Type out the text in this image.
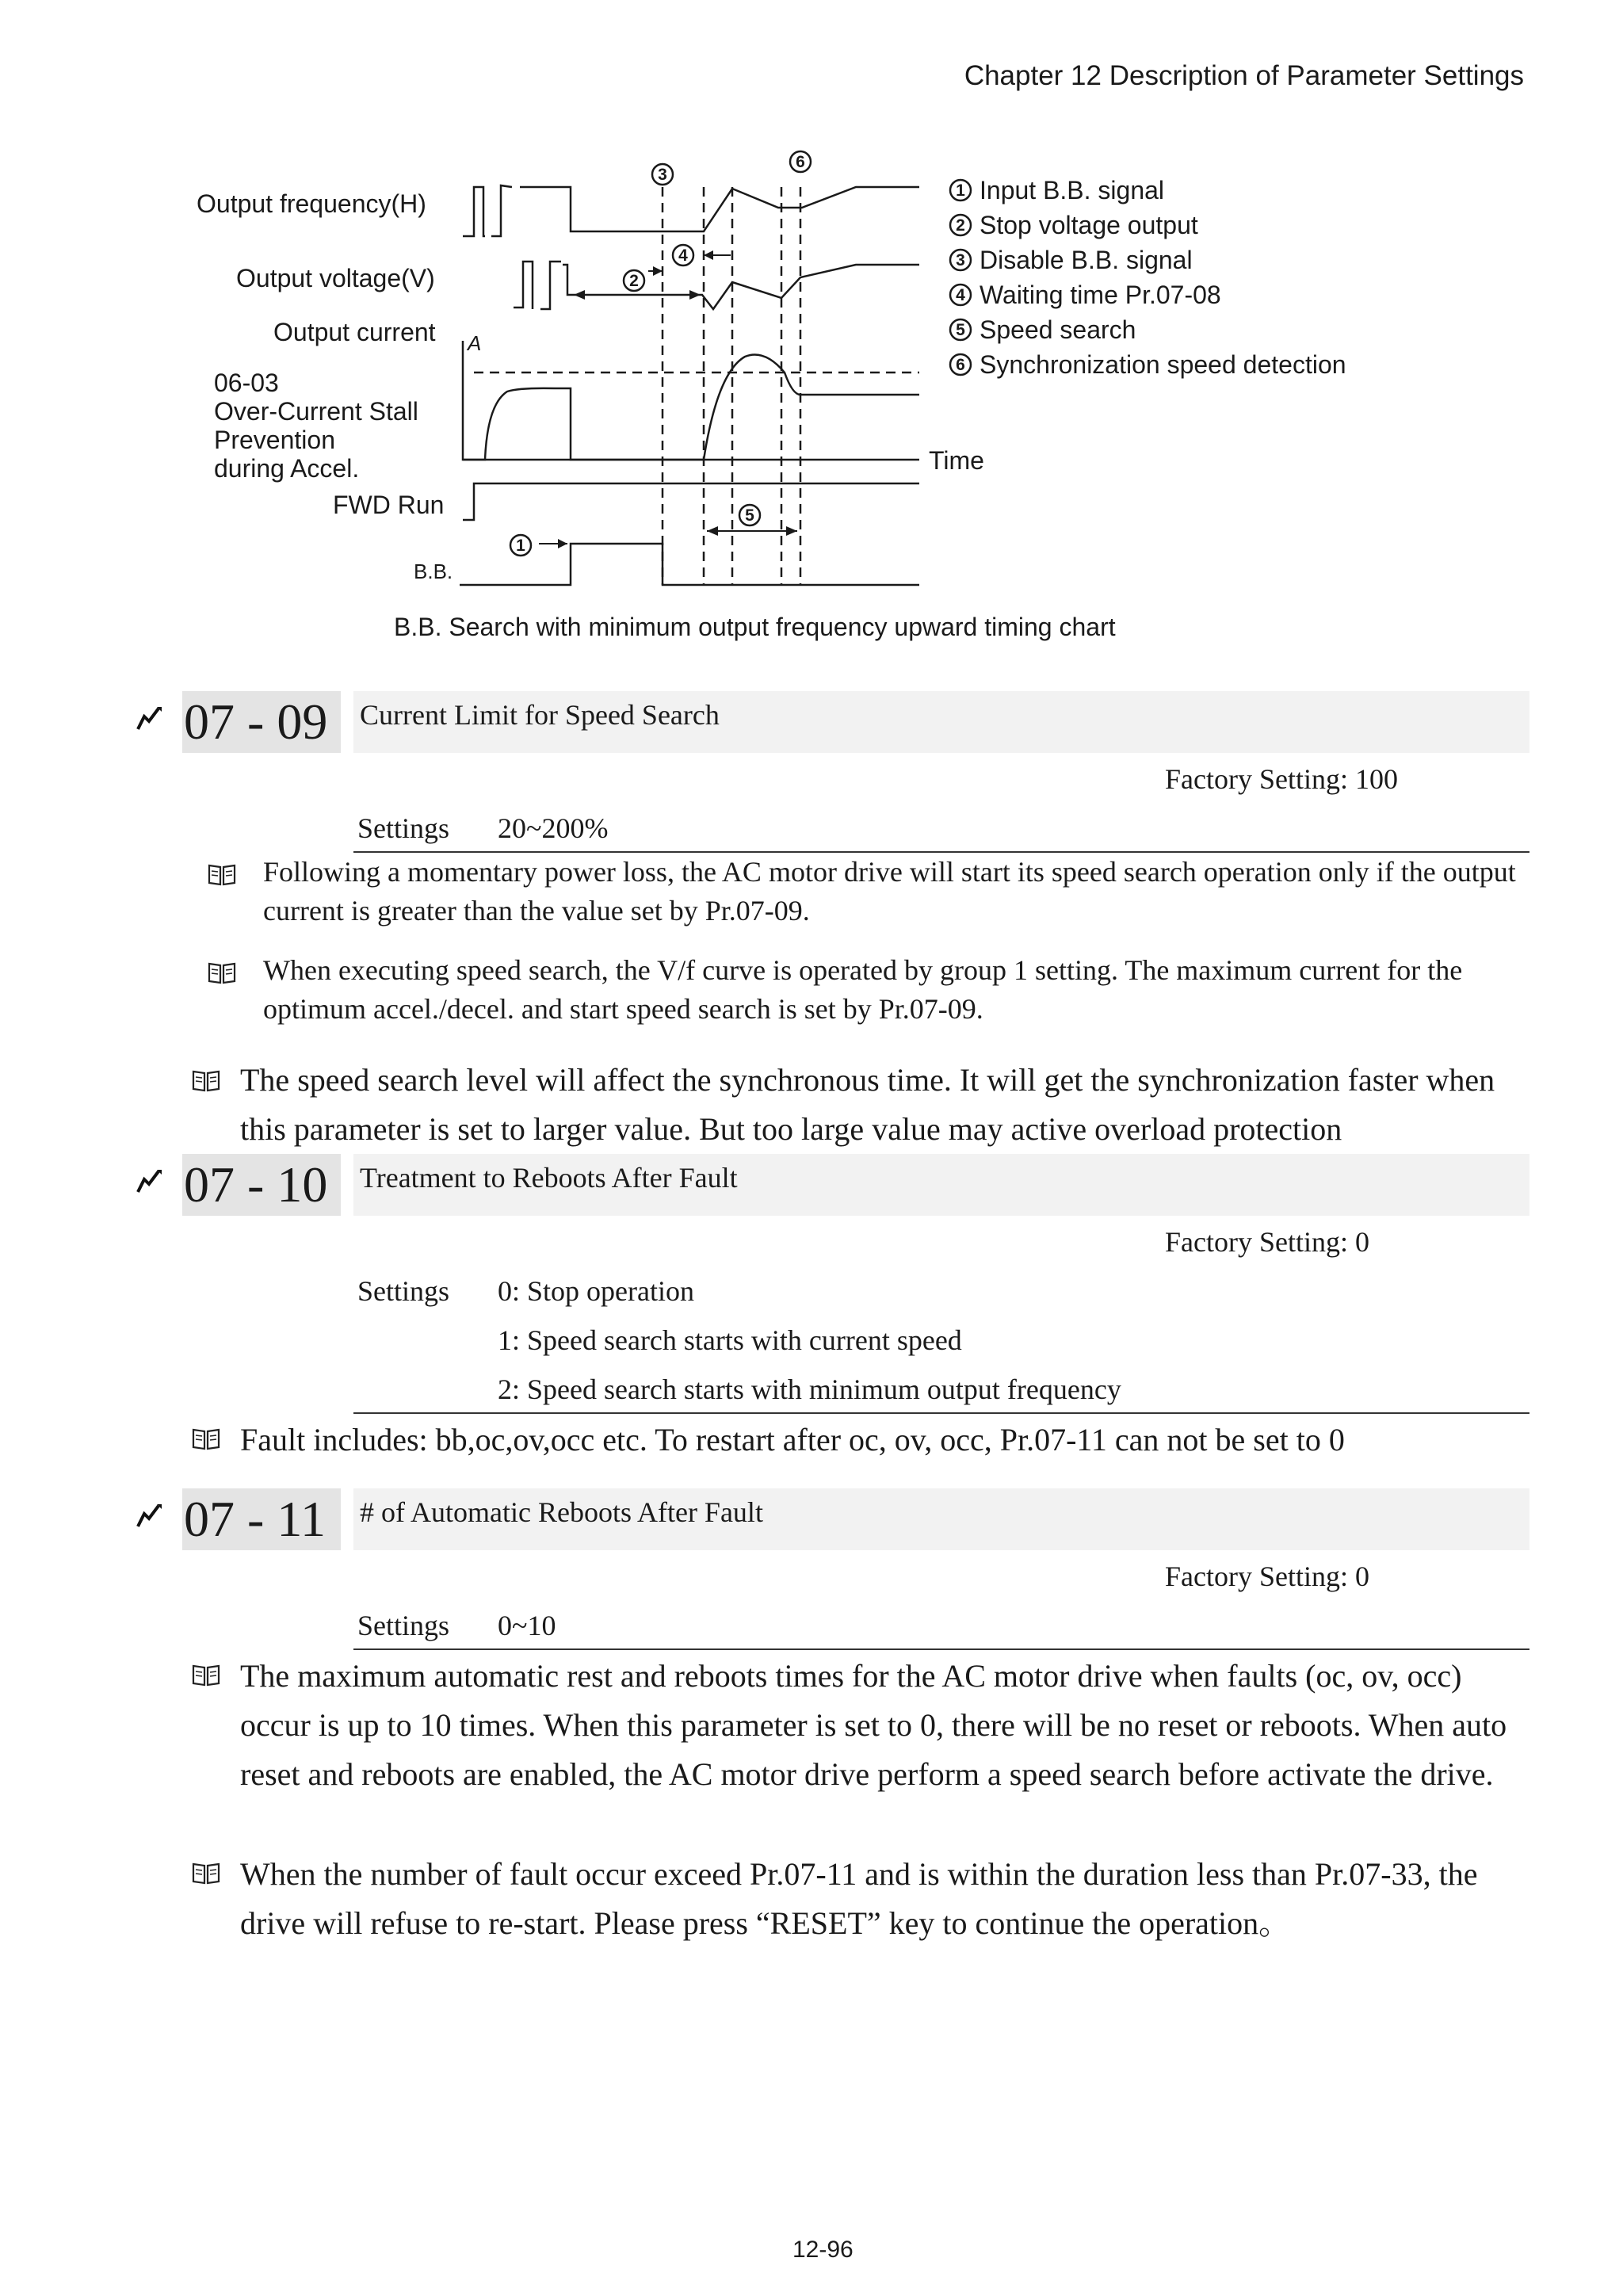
Chapter 12 Description of Parameter Settings
Output frequency(H)
Output voltage(V)
Output current A
06-03
Over-Current Stall
Prevention
during Accel.
FWD Run
B.B.
Time
3
6
4
2
5
1
1
2
3
4
5
6
Input B.B. signal
Stop voltage output
Disable B.B. signal
Waiting time Pr.07-08
Speed search
Synchronization speed detection
B.B. Search with minimum output frequency upward timing chart
07 - 09	Current Limit for Speed Search
Factory Setting: 100
Settings 20~200%
Following a momentary power loss, the AC motor drive will start its speed search operation only if the output current is greater than the value set by Pr.07-09.
When executing speed search, the V/f curve is operated by group 1 setting. The maximum current for the optimum accel./decel. and start speed search is set by Pr.07-09.
The speed search level will affect the synchronous time. It will get the synchronization faster when this parameter is set to larger value. But too large value may active overload protection
07 - 10	Treatment to Reboots After Fault
Factory Setting: 0
Settings 0: Stop operation
1: Speed search starts with current speed
2: Speed search starts with minimum output frequency
Fault includes: bb,oc,ov,occ etc. To restart after oc, ov, occ, Pr.07-11 can not be set to 0
07 - 11	# of Automatic Reboots After Fault
Factory Setting: 0
Settings 0~10
The maximum automatic rest and reboots times for the AC motor drive when faults (oc, ov, occ) occur is up to 10 times. When this parameter is set to 0, there will be no reset or reboots. When auto reset and reboots are enabled, the AC motor drive perform a speed search before activate the drive.
When the number of fault occur exceed Pr.07-11 and is within the duration less than Pr.07-33, the drive will refuse to re-start. Please press “RESET” key to continue the operation。
12-96
